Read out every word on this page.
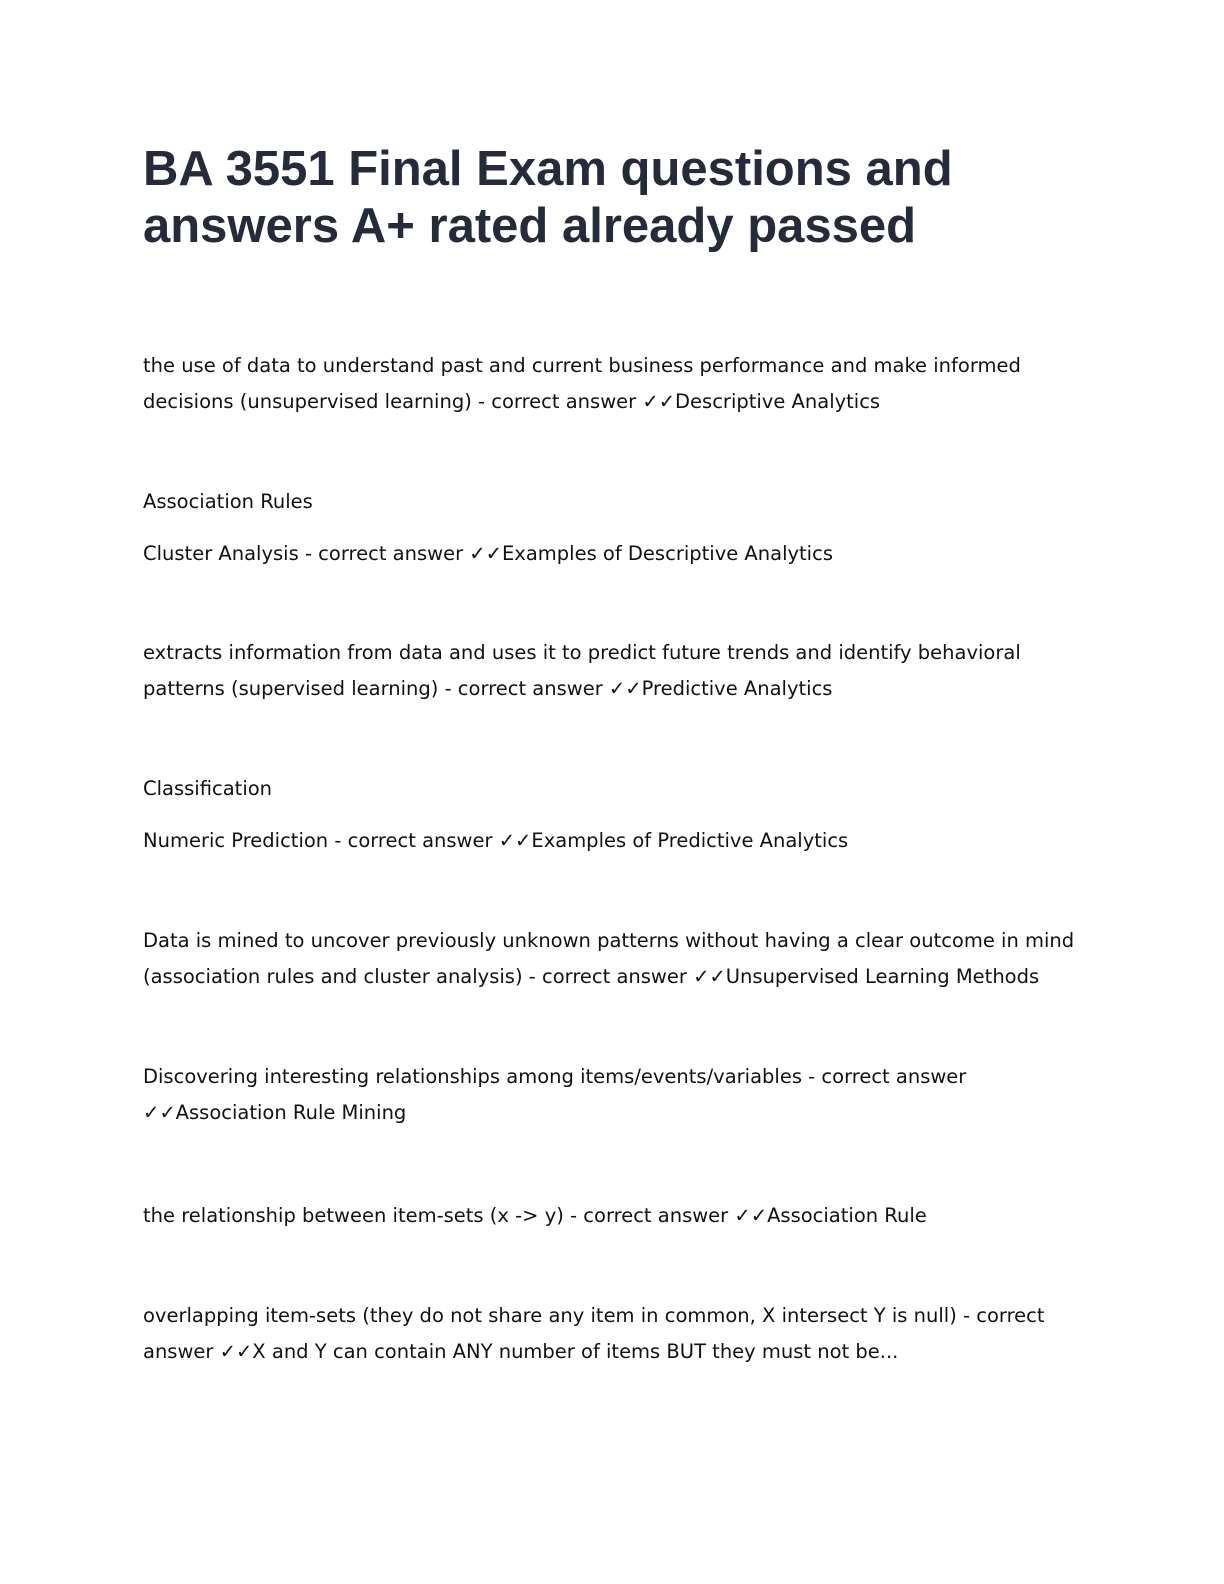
BA 3551 Final Exam questions and
answers A+ rated already passed

the use of data to understand past and current business performance and make informed
decisions (unsupervised learning) - correct answer ✓✓Descriptive Analytics

Association Rules

Cluster Analysis - correct answer ✓✓Examples of Descriptive Analytics

extracts information from data and uses it to predict future trends and identify behavioral
patterns (supervised learning) - correct answer ✓✓Predictive Analytics

Classification

Numeric Prediction - correct answer ✓✓Examples of Predictive Analytics

Data is mined to uncover previously unknown patterns without having a clear outcome in mind
(association rules and cluster analysis) - correct answer ✓✓Unsupervised Learning Methods

Discovering interesting relationships among items/events/variables - correct answer
✓✓Association Rule Mining

the relationship between item-sets (x -> y) - correct answer ✓✓Association Rule

overlapping item-sets (they do not share any item in common, X intersect Y is null) - correct
answer ✓✓X and Y can contain ANY number of items BUT they must not be...
